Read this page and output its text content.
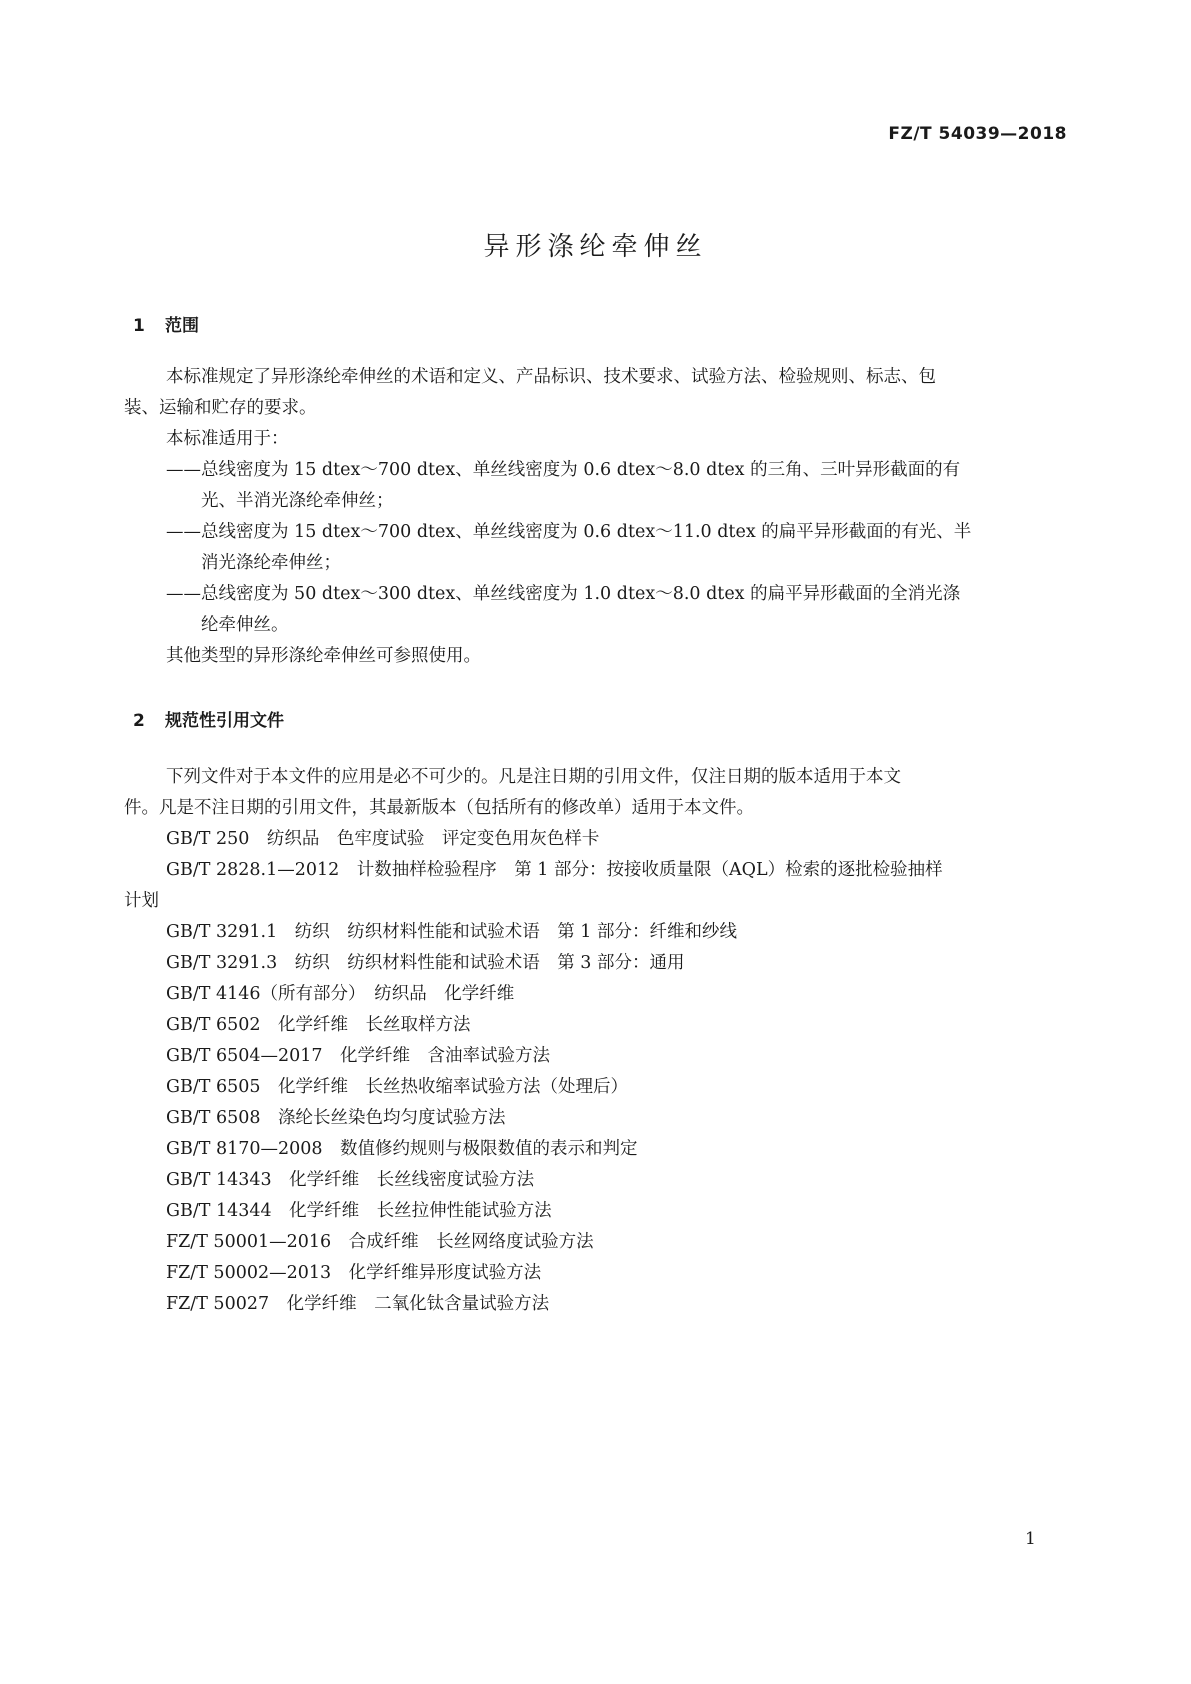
FZ/T 54039—2018
异形涤纶牵伸丝
1 范围
本标准规定了异形涤纶牵伸丝的术语和定义、产品标识、技术要求、试验方法、检验规则、标志、包
装、运输和贮存的要求。
本标准适用于：
——总线密度为 15 dtex～700 dtex、单丝线密度为 0.6 dtex～8.0 dtex 的三角、三叶异形截面的有
光、半消光涤纶牵伸丝；
——总线密度为 15 dtex～700 dtex、单丝线密度为 0.6 dtex～11.0 dtex 的扁平异形截面的有光、半
消光涤纶牵伸丝；
——总线密度为 50 dtex～300 dtex、单丝线密度为 1.0 dtex～8.0 dtex 的扁平异形截面的全消光涤
纶牵伸丝。
其他类型的异形涤纶牵伸丝可参照使用。
2 规范性引用文件
下列文件对于本文件的应用是必不可少的。凡是注日期的引用文件，仅注日期的版本适用于本文
件。凡是不注日期的引用文件，其最新版本（包括所有的修改单）适用于本文件。
GB/T 250　纺织品　色牢度试验　评定变色用灰色样卡
GB/T 2828.1—2012　计数抽样检验程序　第 1 部分：按接收质量限（AQL）检索的逐批检验抽样
计划
GB/T 3291.1　纺织　纺织材料性能和试验术语　第 1 部分：纤维和纱线
GB/T 3291.3　纺织　纺织材料性能和试验术语　第 3 部分：通用
GB/T 4146（所有部分）　纺织品　化学纤维
GB/T 6502　化学纤维　长丝取样方法
GB/T 6504—2017　化学纤维　含油率试验方法
GB/T 6505　化学纤维　长丝热收缩率试验方法（处理后）
GB/T 6508　涤纶长丝染色均匀度试验方法
GB/T 8170—2008　数值修约规则与极限数值的表示和判定
GB/T 14343　化学纤维　长丝线密度试验方法
GB/T 14344　化学纤维　长丝拉伸性能试验方法
FZ/T 50001—2016　合成纤维　长丝网络度试验方法
FZ/T 50002—2013　化学纤维异形度试验方法
FZ/T 50027　化学纤维　二氧化钛含量试验方法
1
